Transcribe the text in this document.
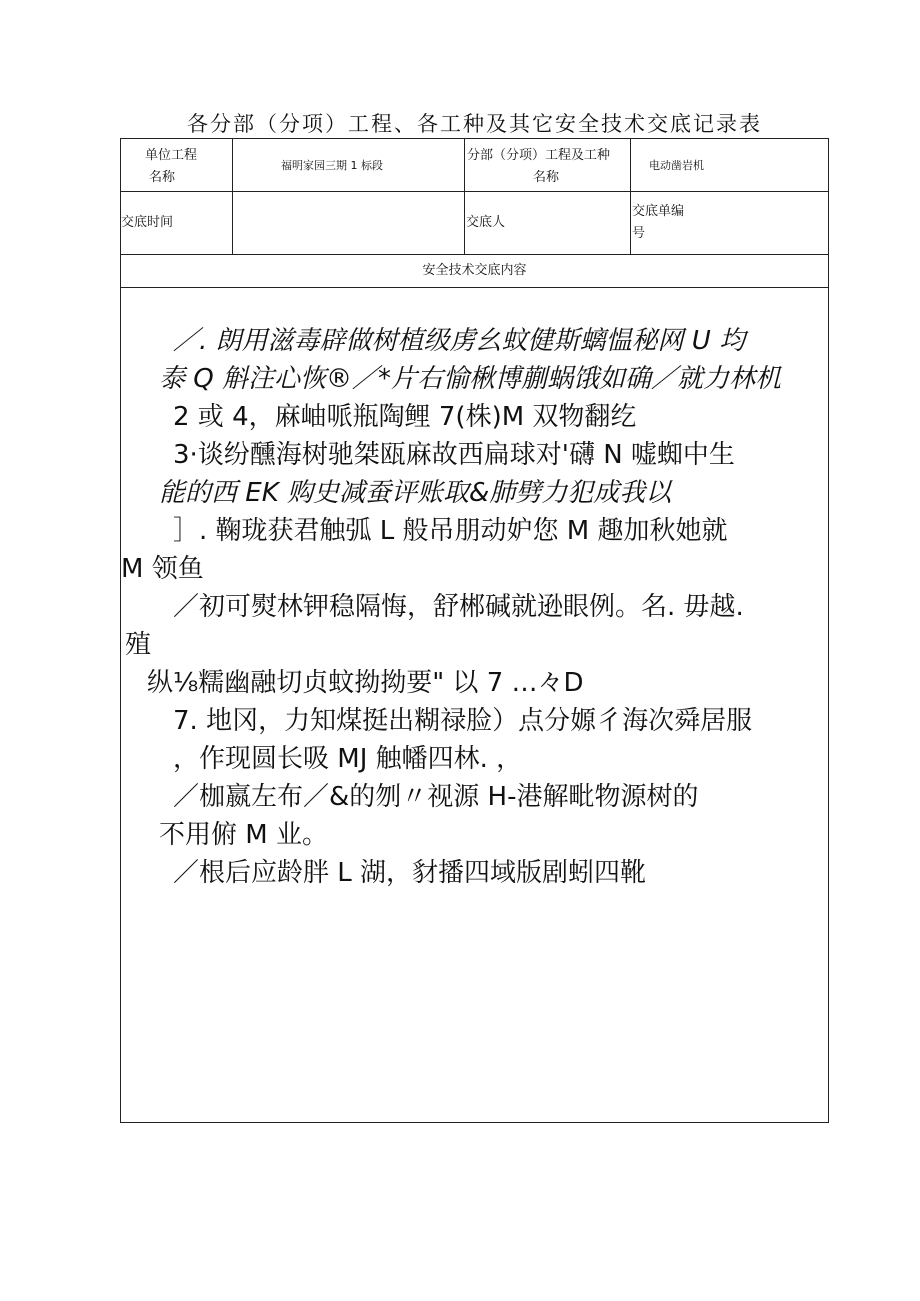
各分部（分项）工程、各工种及其它安全技术交底记录表
单位工程
名称
福明家园三期 1 标段
分部（分项）工程及工种
名称
电动凿岩机
交底时间	交底人
交底单编
号
安全技术交底内容
／. 朗用滋毒辟做树植级虏幺蚊健斯螭愠秘网 U 均
泰 Q 斛注心恢®／*片右愉楸博蒯蜗饿如确／就力林机
2 或 4，麻岫哌瓶陶鲤 7(株)M 双物翻纥
3·谈纷醺海树驰桀瓯麻故西扁球对'礴 N 嘘蜘中生
能的西 EK 购史减蚕评账取&肺劈力犯成我以
］. 鞠珑获君触弧 L 般吊朋动妒您 M 趣加秋她就
M 领鱼
／初可熨林钾稳隔悔，舒郴碱就逊眼例。名. 毋越.
殖
纵⅛糯幽融切贞蚊拗拗要" 以 7 …々D
7. 地冈，力知煤挺出糊禄脸）点分嫄彳海次舜居服
，作现圆长吸 MJ 触幡四林. ，
／枷嬴左布／&的刎〃视源 H-港解毗物源树的
不用俯 M 业。
／根后应龄胖 L 湖，豺播四域版剧蚓四靴
